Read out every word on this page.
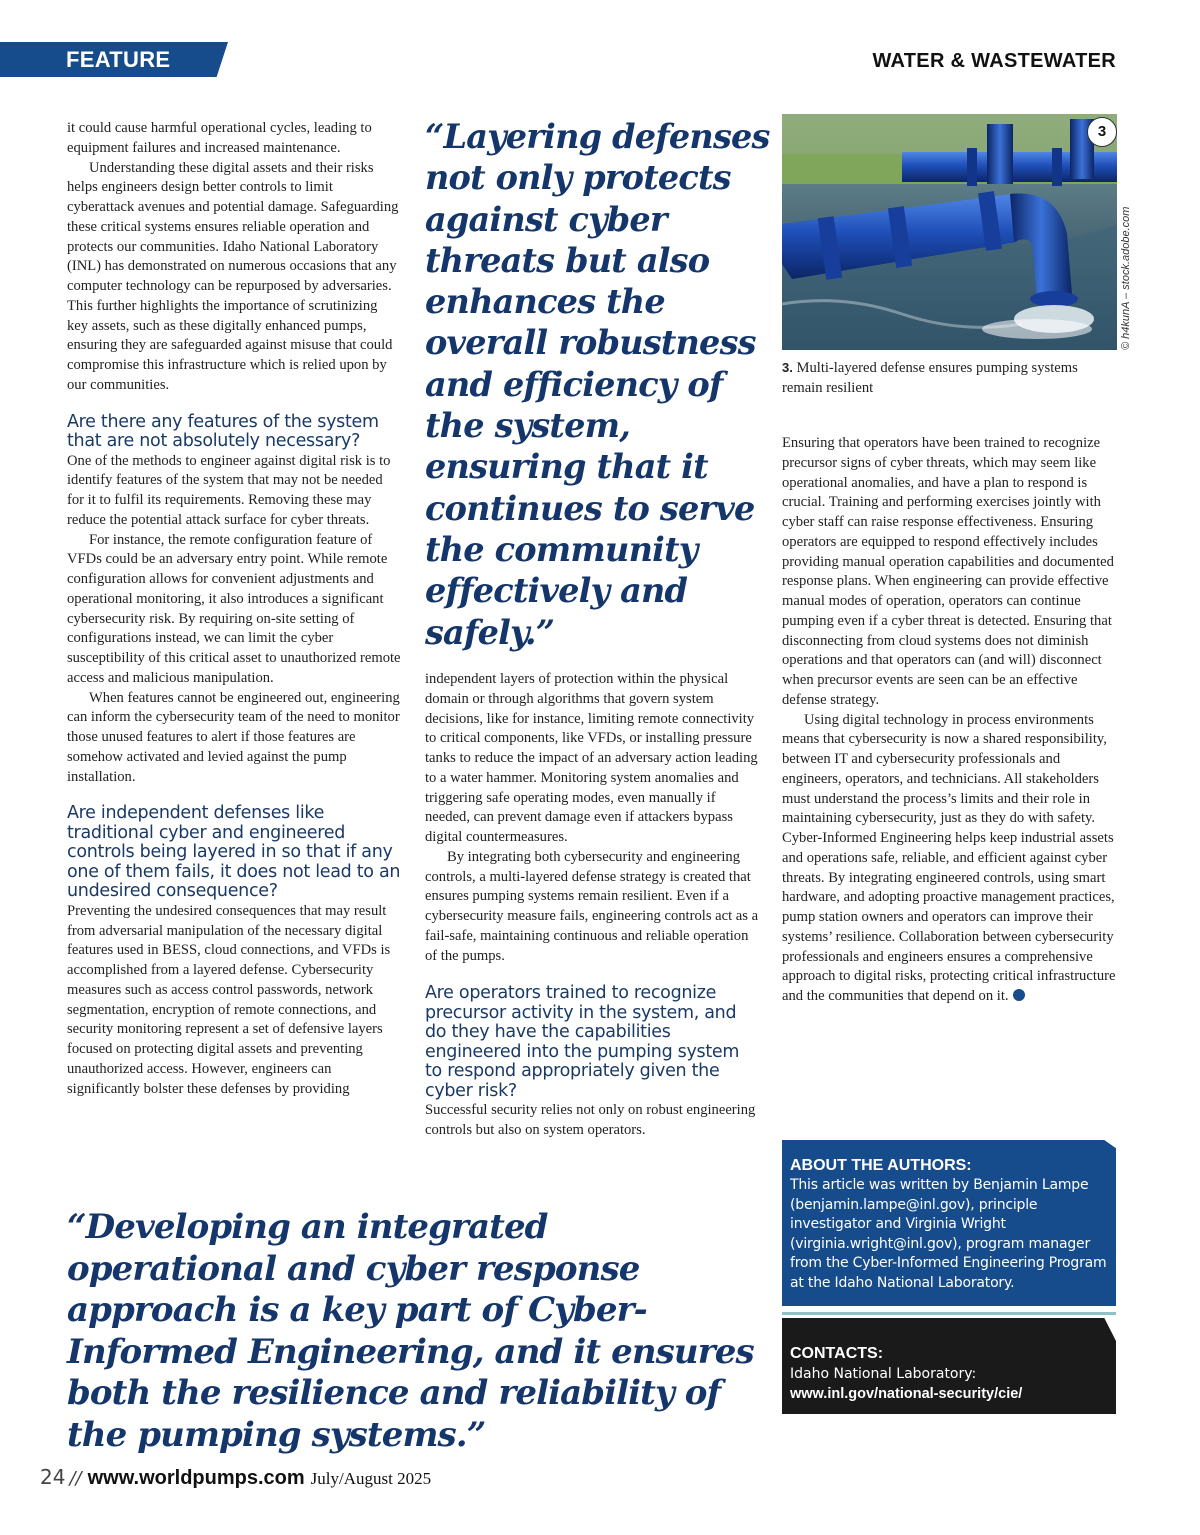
FEATURE	WATER & WASTEWATER

it could cause harmful operational cycles, leading to equipment failures and increased maintenance.

Understanding these digital assets and their risks helps engineers design better controls to limit cyberattack avenues and potential damage. Safeguarding these critical systems ensures reliable operation and protects our communities. Idaho National Laboratory (INL) has demonstrated on numerous occasions that any computer technology can be repurposed by adversaries. This further highlights the importance of scrutinizing key assets, such as these digitally enhanced pumps, ensuring they are safeguarded against misuse that could compromise this infrastructure which is relied upon by our communities.

Are there any features of the system that are not absolutely necessary?

One of the methods to engineer against digital risk is to identify features of the system that may not be needed for it to fulfil its requirements. Removing these may reduce the potential attack surface for cyber threats.

For instance, the remote configuration feature of VFDs could be an adversary entry point. While remote configuration allows for convenient adjustments and operational monitoring, it also introduces a significant cybersecurity risk. By requiring on-site setting of configurations instead, we can limit the cyber susceptibility of this critical asset to unauthorized remote access and malicious manipulation.

When features cannot be engineered out, engineering can inform the cybersecurity team of the need to monitor those unused features to alert if those features are somehow activated and levied against the pump installation.

Are independent defenses like traditional cyber and engineered controls being layered in so that if any one of them fails, it does not lead to an undesired consequence?

Preventing the undesired consequences that may result from adversarial manipulation of the necessary digital features used in BESS, cloud connections, and VFDs is accomplished from a layered defense. Cybersecurity measures such as access control passwords, network segmentation, encryption of remote connections, and security monitoring represent a set of defensive layers focused on protecting digital assets and preventing unauthorized access. However, engineers can significantly bolster these defenses by providing

“Layering defenses not only protects against cyber threats but also enhances the overall robustness and efficiency of the system, ensuring that it continues to serve the community effectively and safely.”

independent layers of protection within the physical domain or through algorithms that govern system decisions, like for instance, limiting remote connectivity to critical components, like VFDs, or installing pressure tanks to reduce the impact of an adversary action leading to a water hammer. Monitoring system anomalies and triggering safe operating modes, even manually if needed, can prevent damage even if attackers bypass digital countermeasures.

By integrating both cybersecurity and engineering controls, a multi-layered defense strategy is created that ensures pumping systems remain resilient. Even if a cybersecurity measure fails, engineering controls act as a fail-safe, maintaining continuous and reliable operation of the pumps.

Are operators trained to recognize precursor activity in the system, and do they have the capabilities engineered into the pumping system to respond appropriately given the cyber risk?

Successful security relies not only on robust engineering controls but also on system operators.

3
© h4kunA – stock.adobe.com
3. Multi-layered defense ensures pumping systems remain resilient

Ensuring that operators have been trained to recognize precursor signs of cyber threats, which may seem like operational anomalies, and have a plan to respond is crucial. Training and performing exercises jointly with cyber staff can raise response effectiveness. Ensuring operators are equipped to respond effectively includes providing manual operation capabilities and documented response plans. When engineering can provide effective manual modes of operation, operators can continue pumping even if a cyber threat is detected. Ensuring that disconnecting from cloud systems does not diminish operations and that operators can (and will) disconnect when precursor events are seen can be an effective defense strategy.

Using digital technology in process environments means that cybersecurity is now a shared responsibility, between IT and cybersecurity professionals and engineers, operators, and technicians. All stakeholders must understand the process’s limits and their role in maintaining cybersecurity, just as they do with safety. Cyber-Informed Engineering helps keep industrial assets and operations safe, reliable, and efficient against cyber threats. By integrating engineered controls, using smart hardware, and adopting proactive management practices, pump station owners and operators can improve their systems’ resilience. Collaboration between cybersecurity professionals and engineers ensures a comprehensive approach to digital risks, protecting critical infrastructure and the communities that depend on it.

ABOUT THE AUTHORS:
This article was written by Benjamin Lampe (benjamin.lampe@inl.gov), principle investigator and Virginia Wright (virginia.wright@inl.gov), program manager from the Cyber-Informed Engineering Program at the Idaho National Laboratory.
CONTACTS:
Idaho National Laboratory:
www.inl.gov/national-security/cie/

“Developing an integrated operational and cyber response approach is a key part of Cyber-Informed Engineering, and it ensures both the resilience and reliability of the pumping systems.”

24 // www.worldpumps.com July/August 2025
